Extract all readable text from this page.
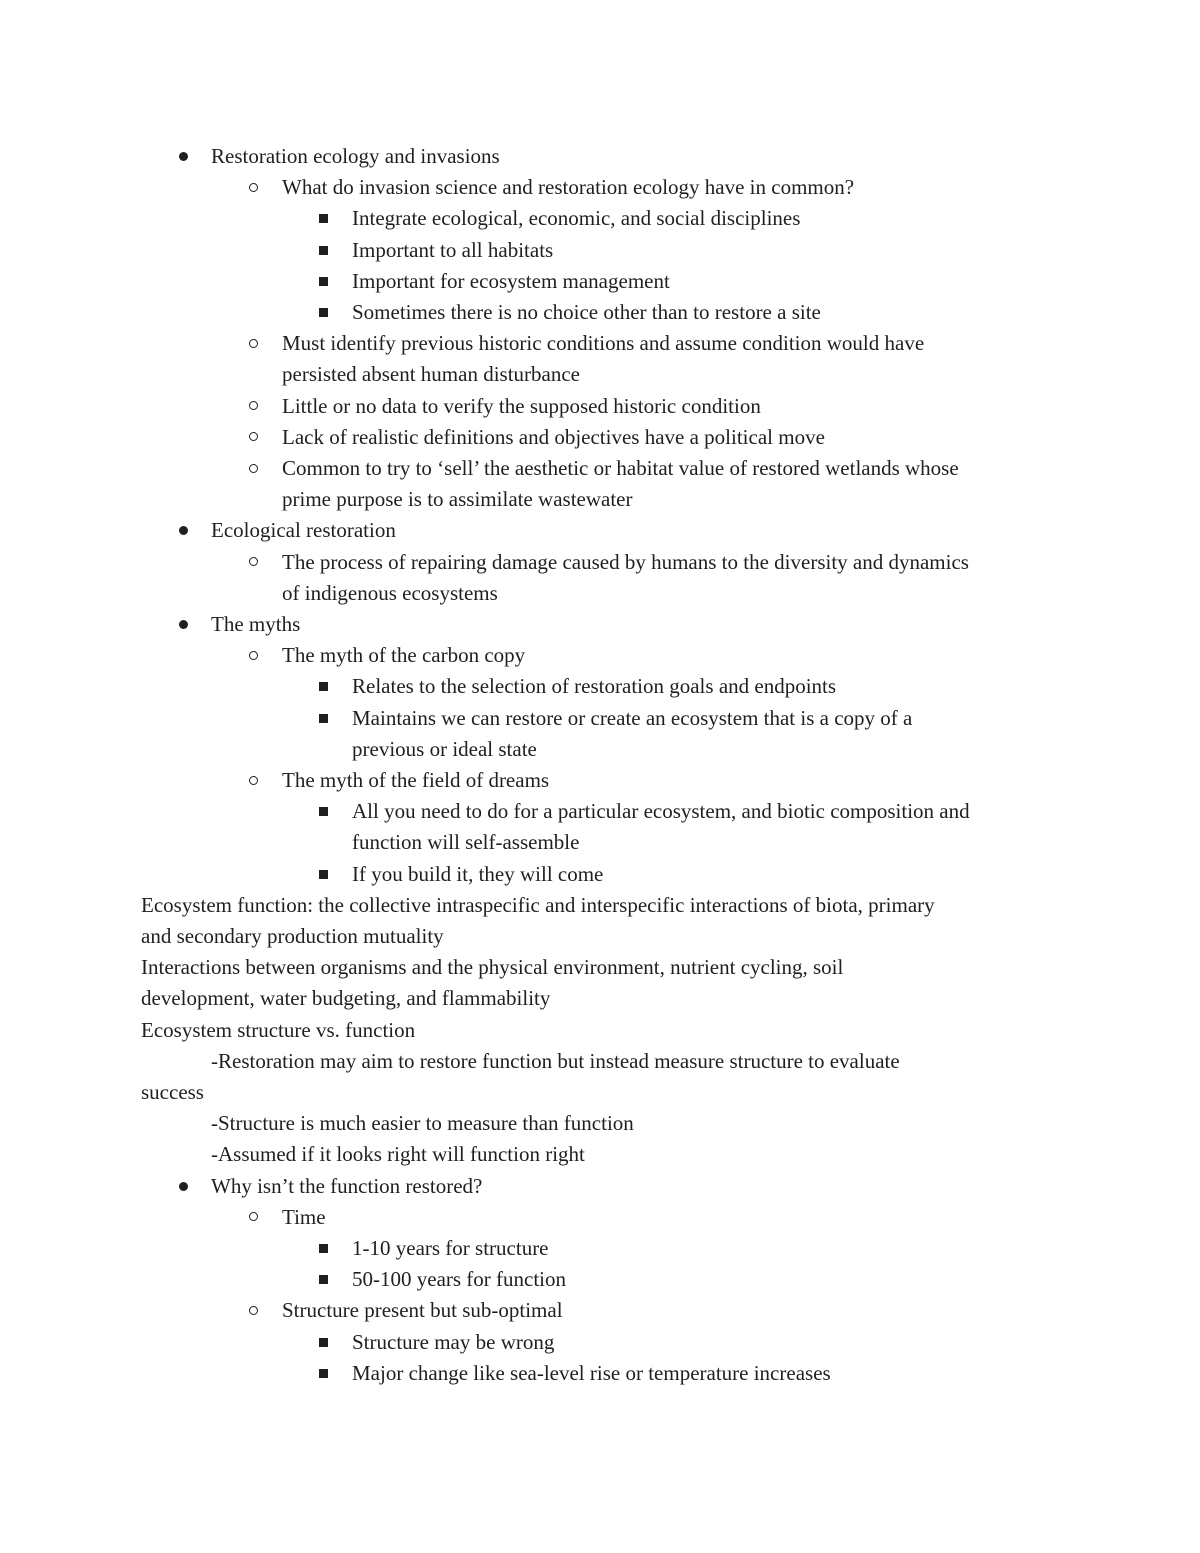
Restoration ecology and invasions
What do invasion science and restoration ecology have in common?
Integrate ecological, economic, and social disciplines
Important to all habitats
Important for ecosystem management
Sometimes there is no choice other than to restore a site
Must identify previous historic conditions and assume condition would have
persisted absent human disturbance
Little or no data to verify the supposed historic condition
Lack of realistic definitions and objectives have a political move
Common to try to ‘sell’ the aesthetic or habitat value of restored wetlands whose
prime purpose is to assimilate wastewater
Ecological restoration
The process of repairing damage caused by humans to the diversity and dynamics
of indigenous ecosystems
The myths
The myth of the carbon copy
Relates to the selection of restoration goals and endpoints
Maintains we can restore or create an ecosystem that is a copy of a
previous or ideal state
The myth of the field of dreams
All you need to do for a particular ecosystem, and biotic composition and
function will self-assemble
If you build it, they will come
Ecosystem function: the collective intraspecific and interspecific interactions of biota, primary
and secondary production mutuality
Interactions between organisms and the physical environment, nutrient cycling, soil
development, water budgeting, and flammability
Ecosystem structure vs. function
-Restoration may aim to restore function but instead measure structure to evaluate
success
-Structure is much easier to measure than function
-Assumed if it looks right will function right
Why isn’t the function restored?
Time
1-10 years for structure
50-100 years for function
Structure present but sub-optimal
Structure may be wrong
Major change like sea-level rise or temperature increases
